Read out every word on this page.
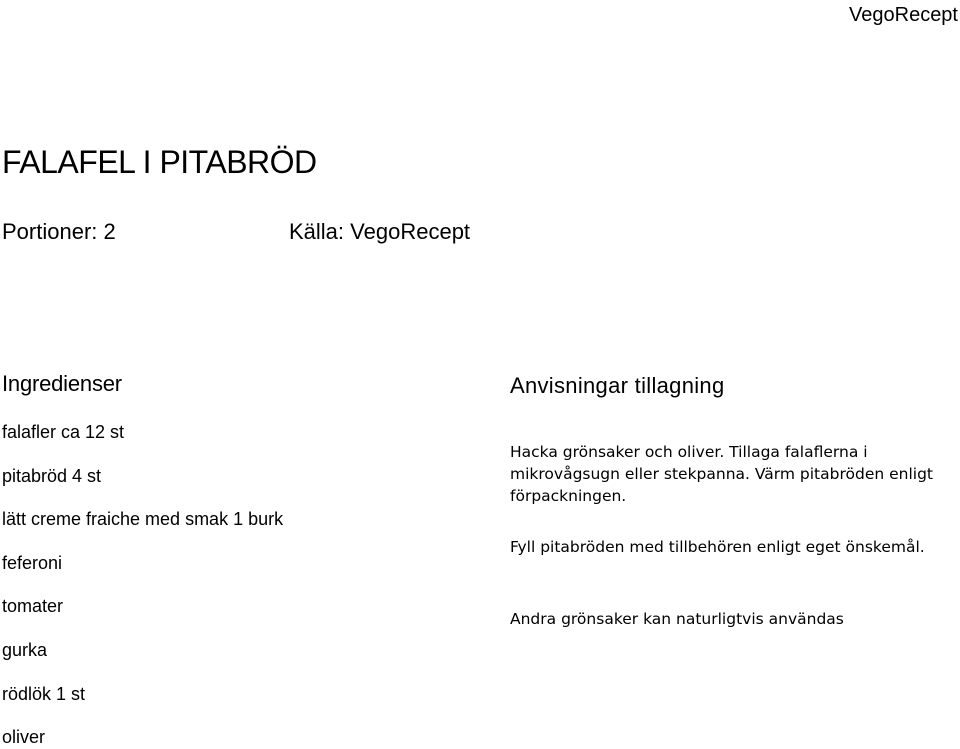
VegoRecept
FALAFEL I PITABRÖD
Portioner: 2	Källa: VegoRecept
Ingredienser
falafler ca 12 st
pitabröd 4 st
lätt creme fraiche med smak 1 burk
feferoni
tomater
gurka
rödlök 1 st
oliver
Anvisningar tillagning

Hacka grönsaker och oliver. Tillaga falaflerna i mikrovågsugn eller stekpanna. Värm pitabröden enligt förpackningen.

Fyll pitabröden med tillbehören enligt eget önskemål.

Andra grönsaker kan naturligtvis användas
